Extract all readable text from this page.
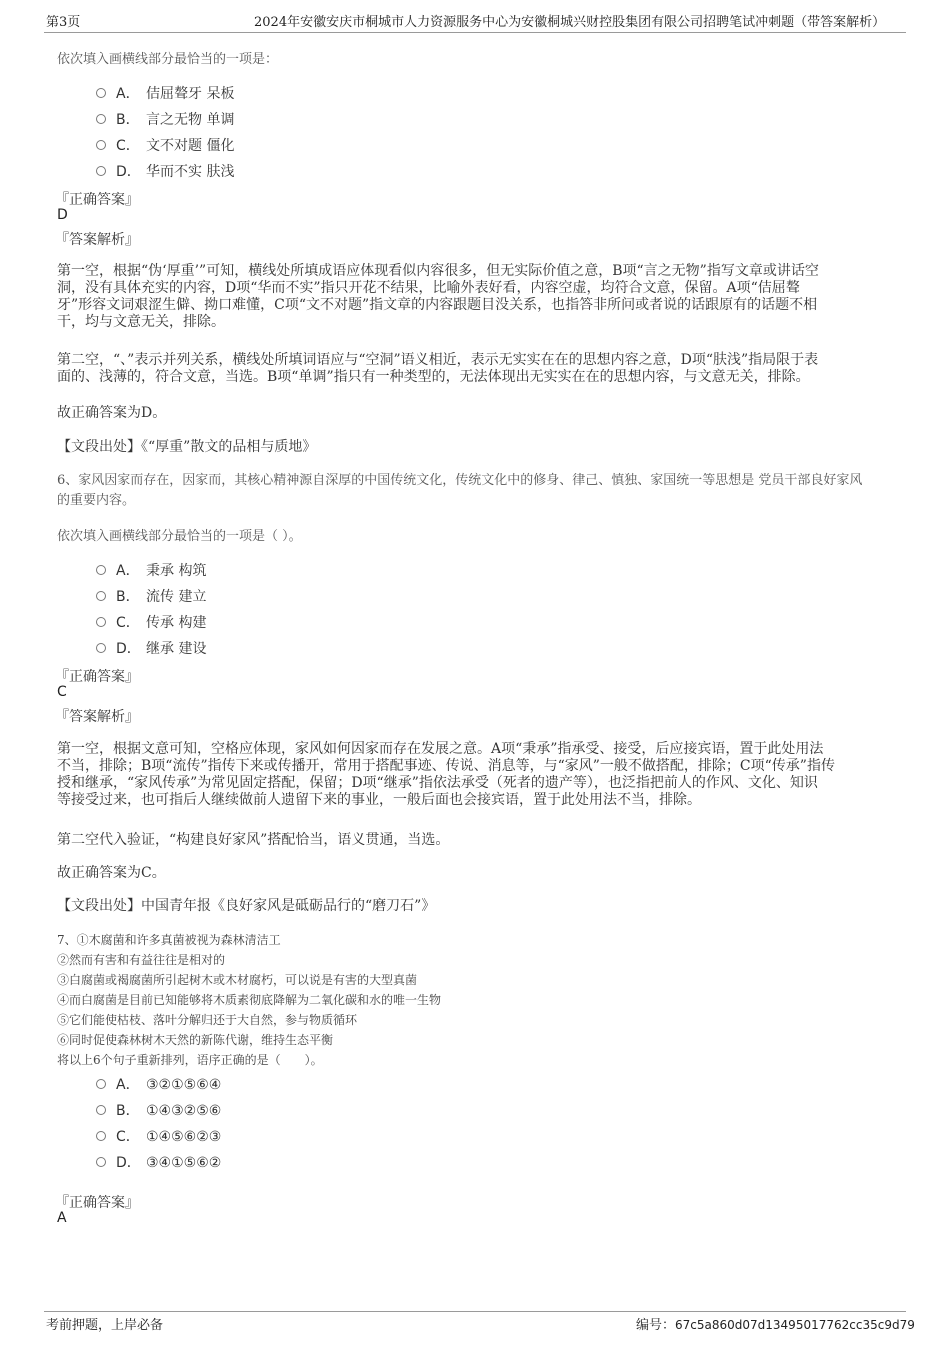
第3页	2024年安徽安庆市桐城市人力资源服务中心为安徽桐城兴财控股集团有限公司招聘笔试冲刺题（带答案解析）
依次填入画横线部分最恰当的一项是：
A． 佶屈聱牙 呆板
B． 言之无物 单调
C． 文不对题 僵化
D． 华而不实 肤浅
『正确答案』
D
『答案解析』
第一空，根据“伪‘厚重’”可知，横线处所填成语应体现看似内容很多，但无实际价值之意，B项“言之无物”指写文章或讲话空
洞，没有具体充实的内容，D项“华而不实”指只开花不结果，比喻外表好看，内容空虚，均符合文意，保留。A项“佶屈聱
牙”形容文词艰涩生僻、拗口难懂，C项“文不对题”指文章的内容跟题目没关系，也指答非所问或者说的话跟原有的话题不相
干，均与文意无关，排除。
第二空，“、”表示并列关系，横线处所填词语应与“空洞”语义相近，表示无实实在在的思想内容之意，D项“肤浅”指局限于表
面的、浅薄的，符合文意，当选。B项“单调”指只有一种类型的，无法体现出无实实在在的思想内容，与文意无关，排除。
故正确答案为D。
【文段出处】《“厚重”散文的品相与质地》
6、家风因家而存在，因家而，其核心精神源自深厚的中国传统文化，传统文化中的修身、律己、慎独、家国统一等思想是 党员干部良好家风
的重要内容。
依次填入画横线部分最恰当的一项是（ ）。
A． 秉承 构筑
B． 流传 建立
C． 传承 构建
D． 继承 建设
『正确答案』
C
『答案解析』
第一空，根据文意可知，空格应体现，家风如何因家而存在发展之意。A项“秉承”指承受、接受，后应接宾语，置于此处用法
不当，排除；B项“流传”指传下来或传播开，常用于搭配事迹、传说、消息等，与“家风”一般不做搭配，排除；C项“传承”指传
授和继承，“家风传承”为常见固定搭配，保留；D项“继承”指依法承受（死者的遗产等），也泛指把前人的作风、文化、知识
等接受过来，也可指后人继续做前人遗留下来的事业，一般后面也会接宾语，置于此处用法不当，排除。
第二空代入验证，“构建良好家风”搭配恰当，语义贯通，当选。
故正确答案为C。
【文段出处】中国青年报《良好家风是砥砺品行的“磨刀石”》
7、①木腐菌和许多真菌被视为森林清洁工
②然而有害和有益往往是相对的
③白腐菌或褐腐菌所引起树木或木材腐朽，可以说是有害的大型真菌
④而白腐菌是目前已知能够将木质素彻底降解为二氧化碳和水的唯一生物
⑤它们能使枯枝、落叶分解归还于大自然，参与物质循环
⑥同时促使森林树木天然的新陈代谢，维持生态平衡
将以上6个句子重新排列，语序正确的是（　　）。
A． ③②①⑤⑥④
B． ①④③②⑤⑥
C． ①④⑤⑥②③
D． ③④①⑤⑥②
『正确答案』
A
考前押题，上岸必备	编号：67c5a860d07d13495017762cc35c9d79
